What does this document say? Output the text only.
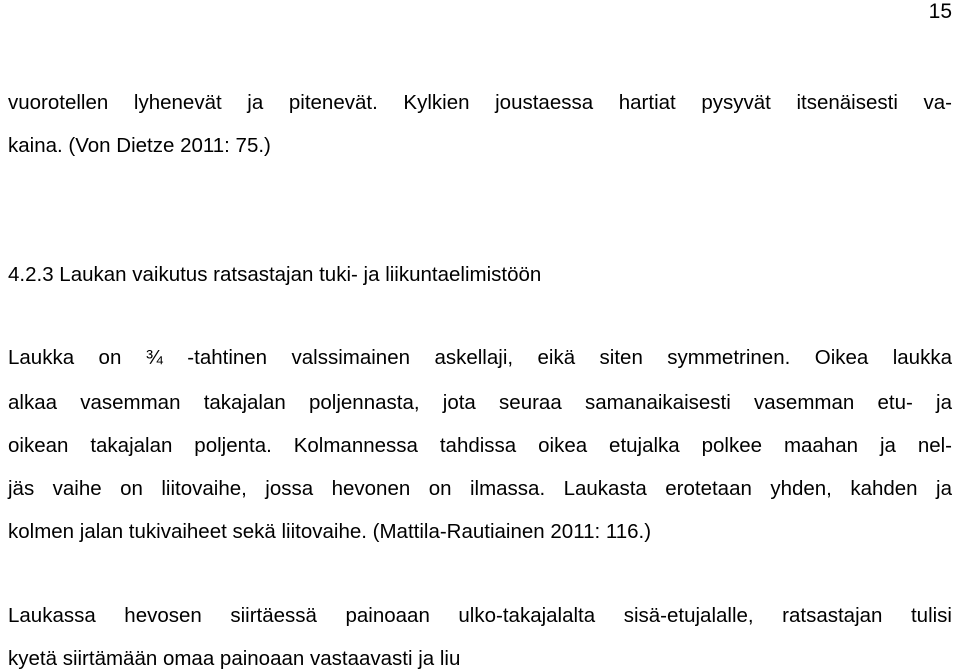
15
vuorotellen lyhenevät ja pitenevät. Kylkien joustaessa hartiat pysyvät itsenäisesti va-
kaina. (Von Dietze 2011: 75.)
4.2.3 Laukan vaikutus ratsastajan tuki- ja liikuntaelimistöön
Laukka on ¾ -tahtinen valssimainen askellaji, eikä siten symmetrinen. Oikea laukka
alkaa vasemman takajalan poljennasta, jota seuraa samanaikaisesti vasemman etu- ja
oikean takajalan poljenta. Kolmannessa tahdissa oikea etujalka polkee maahan ja nel-
jäs vaihe on liitovaihe, jossa hevonen on ilmassa. Laukasta erotetaan yhden, kahden ja
kolmen jalan tukivaiheet sekä liitovaihe. (Mattila-Rautiainen 2011: 116.)
Laukassa hevosen siirtäessä painoaan ulko-takajalalta sisä-etujalalle, ratsastajan tulisi
kyetä siirtämään omaa painoaan vastaavasti ja liu
